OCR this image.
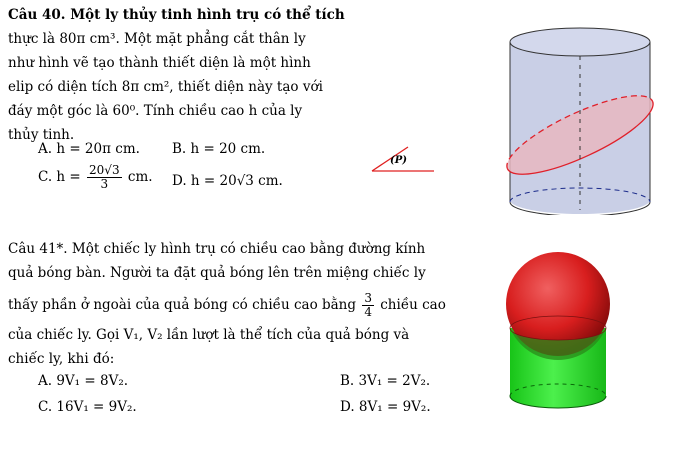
Câu 40. Một ly thủy tinh hình trụ có thể tích
thực là 80π cm³. Một mặt phẳng cắt thân ly
như hình vẽ tạo thành thiết diện là một hình
elip có diện tích 8π cm², thiết diện này tạo với
đáy một góc là 60⁰. Tính chiều cao h của ly
thủy tinh.
A. h = 20π cm. B. h = 20 cm.
C. $h = \frac{20√3}{3}$ cm. D. h = 20√3 cm.
(P)
Câu 41*. Một chiếc ly hình trụ có chiều cao bằng đường kính
quả bóng bàn. Người ta đặt quả bóng lên trên miệng chiếc ly
thấy phần ở ngoài của quả bóng có chiều cao bằng $\frac{3}{4}$ chiều cao
của chiếc ly. Gọi V₁, V₂ lần lượt là thể tích của quả bóng và
chiếc ly, khi đó:
A. 9V₁ = 8V₂.	B. 3V₁ = 2V₂.
C. 16V₁ = 9V₂.	D. 8V₁ = 9V₂.
